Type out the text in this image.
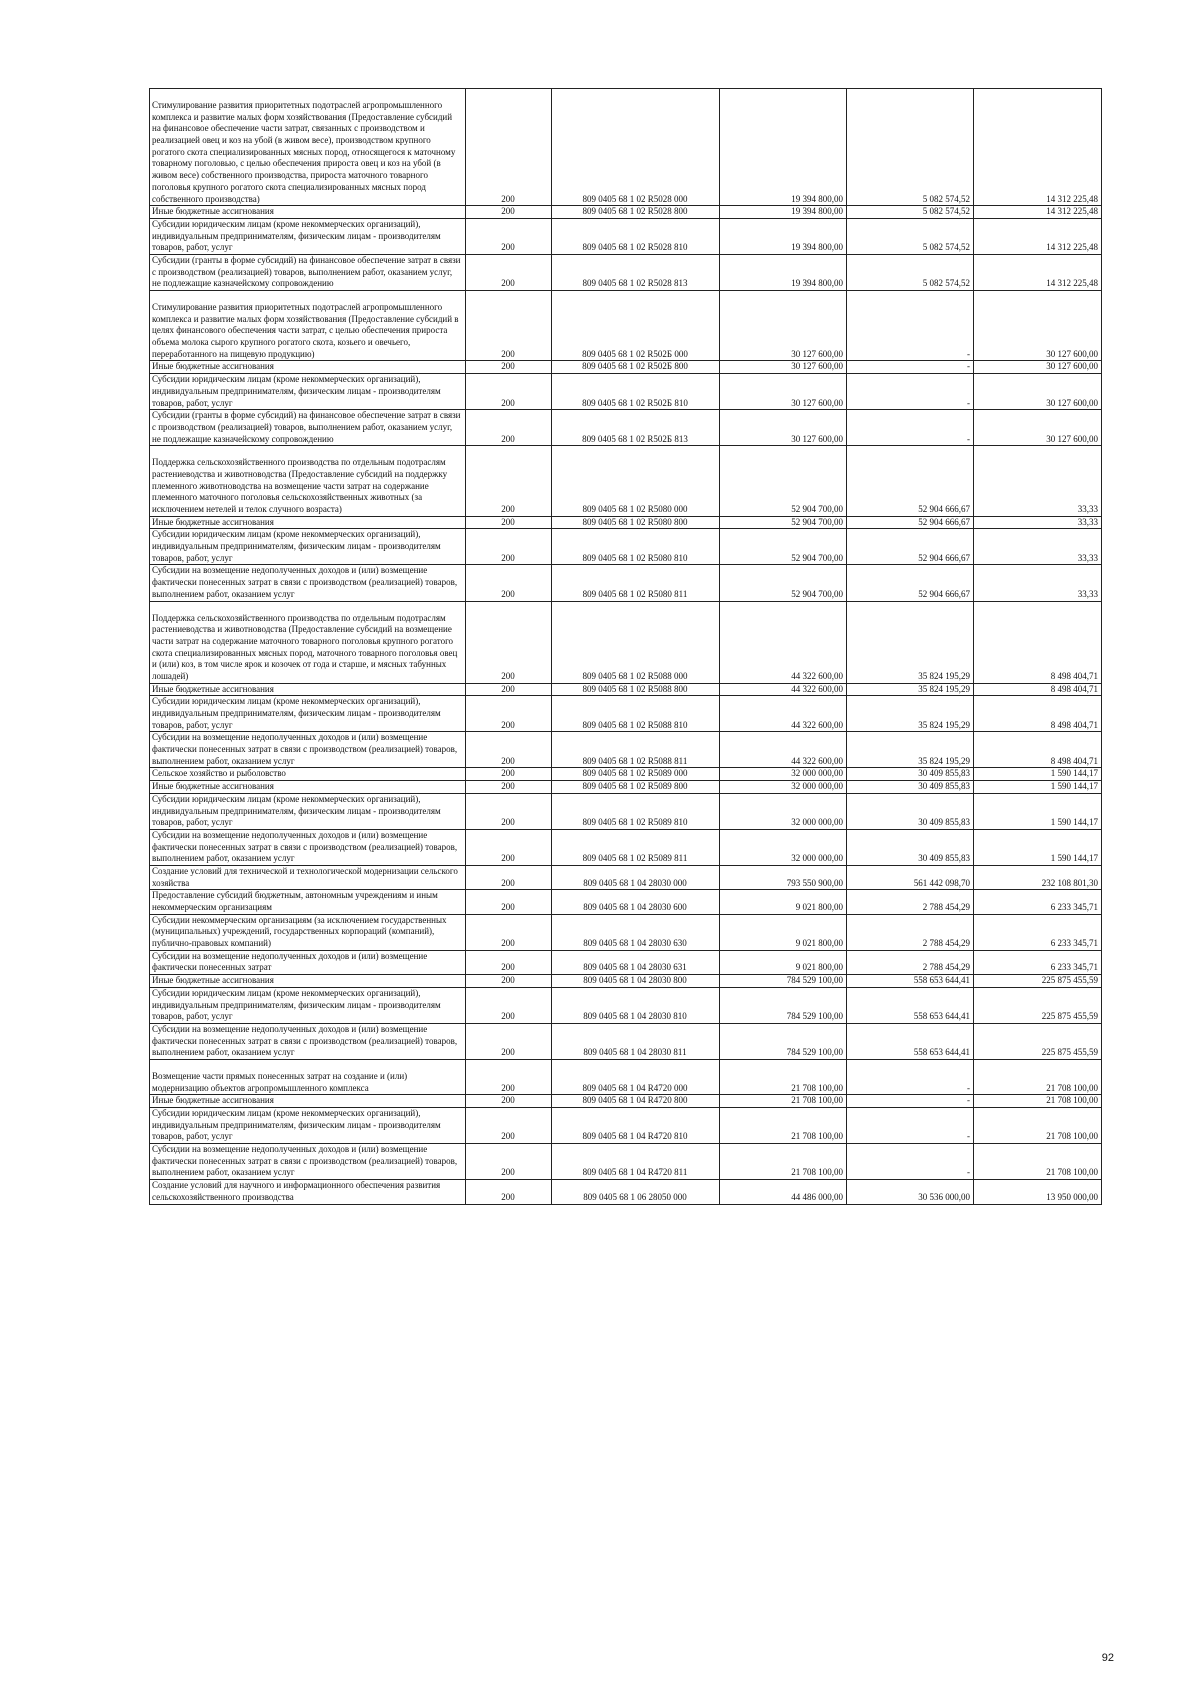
Стимулирование развития приоритетных подотраслей агропромышленного комплекса и развитие малых форм хозяйствования (Предоставление субсидий на финансовое обеспечение части затрат, связанных с производством и реализацией овец и коз на убой (в живом весе), производством крупного рогатого скота специализированных мясных пород, относящегося к маточному товарному поголовью, с целью обеспечения прироста овец и коз на убой (в живом весе) собственного производства, прироста маточного товарного поголовья крупного рогатого скота специализированных мясных пород собственного производства)	200	809 0405 68 1 02 R5028 000	19 394 800,00	5 082 574,52	14 312 225,48
Иные бюджетные ассигнования	200	809 0405 68 1 02 R5028 800	19 394 800,00	5 082 574,52	14 312 225,48
Субсидии юридическим лицам (кроме некоммерческих организаций), индивидуальным предпринимателям, физическим лицам - производителям товаров, работ, услуг	200	809 0405 68 1 02 R5028 810	19 394 800,00	5 082 574,52	14 312 225,48
Субсидии (гранты в форме субсидий) на финансовое обеспечение затрат в связи с производством (реализацией) товаров, выполнением работ, оказанием услуг, не подлежащие казначейскому сопровождению	200	809 0405 68 1 02 R5028 813	19 394 800,00	5 082 574,52	14 312 225,48
Стимулирование развития приоритетных подотраслей агропромышленного комплекса и развитие малых форм хозяйствования (Предоставление субсидий в целях финансового обеспечения части затрат, с целью обеспечения прироста объема молока сырого крупного рогатого скота, козьего и овечьего, переработанного на пищевую продукцию)	200	809 0405 68 1 02 R502Б 000	30 127 600,00	-	30 127 600,00
Иные бюджетные ассигнования	200	809 0405 68 1 02 R502Б 800	30 127 600,00	-	30 127 600,00
Субсидии юридическим лицам (кроме некоммерческих организаций), индивидуальным предпринимателям, физическим лицам - производителям товаров, работ, услуг	200	809 0405 68 1 02 R502Б 810	30 127 600,00	-	30 127 600,00
Субсидии (гранты в форме субсидий) на финансовое обеспечение затрат в связи с производством (реализацией) товаров, выполнением работ, оказанием услуг, не подлежащие казначейскому сопровождению	200	809 0405 68 1 02 R502Б 813	30 127 600,00	-	30 127 600,00
Поддержка сельскохозяйственного производства по отдельным подотраслям растениеводства и животноводства (Предоставление субсидий на поддержку племенного животноводства на возмещение части затрат на содержание племенного маточного поголовья сельскохозяйственных животных (за исключением нетелей и телок случного возраста)	200	809 0405 68 1 02 R5080 000	52 904 700,00	52 904 666,67	33,33
Иные бюджетные ассигнования	200	809 0405 68 1 02 R5080 800	52 904 700,00	52 904 666,67	33,33
Субсидии юридическим лицам (кроме некоммерческих организаций), индивидуальным предпринимателям, физическим лицам - производителям товаров, работ, услуг	200	809 0405 68 1 02 R5080 810	52 904 700,00	52 904 666,67	33,33
Субсидии на возмещение недополученных доходов и (или) возмещение фактически понесенных затрат в связи с производством (реализацией) товаров, выполнением работ, оказанием услуг	200	809 0405 68 1 02 R5080 811	52 904 700,00	52 904 666,67	33,33
Поддержка сельскохозяйственного производства по отдельным подотраслям растениеводства и животноводства (Предоставление субсидий на возмещение части затрат на содержание маточного товарного поголовья крупного рогатого скота специализированных мясных пород, маточного товарного поголовья овец и (или) коз, в том числе ярок и козочек от года и старше, и мясных табунных лошадей)	200	809 0405 68 1 02 R5088 000	44 322 600,00	35 824 195,29	8 498 404,71
Иные бюджетные ассигнования	200	809 0405 68 1 02 R5088 800	44 322 600,00	35 824 195,29	8 498 404,71
Субсидии юридическим лицам (кроме некоммерческих организаций), индивидуальным предпринимателям, физическим лицам - производителям товаров, работ, услуг	200	809 0405 68 1 02 R5088 810	44 322 600,00	35 824 195,29	8 498 404,71
Субсидии на возмещение недополученных доходов и (или) возмещение фактически понесенных затрат в связи с производством (реализацией) товаров, выполнением работ, оказанием услуг	200	809 0405 68 1 02 R5088 811	44 322 600,00	35 824 195,29	8 498 404,71
Сельское хозяйство и рыболовство	200	809 0405 68 1 02 R5089 000	32 000 000,00	30 409 855,83	1 590 144,17
Иные бюджетные ассигнования	200	809 0405 68 1 02 R5089 800	32 000 000,00	30 409 855,83	1 590 144,17
Субсидии юридическим лицам (кроме некоммерческих организаций), индивидуальным предпринимателям, физическим лицам - производителям товаров, работ, услуг	200	809 0405 68 1 02 R5089 810	32 000 000,00	30 409 855,83	1 590 144,17
Субсидии на возмещение недополученных доходов и (или) возмещение фактически понесенных затрат в связи с производством (реализацией) товаров, выполнением работ, оказанием услуг	200	809 0405 68 1 02 R5089 811	32 000 000,00	30 409 855,83	1 590 144,17
Создание условий для технической и технологической модернизации сельского хозяйства	200	809 0405 68 1 04 28030 000	793 550 900,00	561 442 098,70	232 108 801,30
Предоставление субсидий бюджетным, автономным учреждениям и иным некоммерческим организациям	200	809 0405 68 1 04 28030 600	9 021 800,00	2 788 454,29	6 233 345,71
Субсидии некоммерческим организациям (за исключением государственных (муниципальных) учреждений, государственных корпораций (компаний), публично-правовых компаний)	200	809 0405 68 1 04 28030 630	9 021 800,00	2 788 454,29	6 233 345,71
Субсидии на возмещение недополученных доходов и (или) возмещение фактически понесенных затрат	200	809 0405 68 1 04 28030 631	9 021 800,00	2 788 454,29	6 233 345,71
Иные бюджетные ассигнования	200	809 0405 68 1 04 28030 800	784 529 100,00	558 653 644,41	225 875 455,59
Субсидии юридическим лицам (кроме некоммерческих организаций), индивидуальным предпринимателям, физическим лицам - производителям товаров, работ, услуг	200	809 0405 68 1 04 28030 810	784 529 100,00	558 653 644,41	225 875 455,59
Субсидии на возмещение недополученных доходов и (или) возмещение фактически понесенных затрат в связи с производством (реализацией) товаров, выполнением работ, оказанием услуг	200	809 0405 68 1 04 28030 811	784 529 100,00	558 653 644,41	225 875 455,59
Возмещение части прямых понесенных затрат на создание и (или) модернизацию объектов агропромышленного комплекса	200	809 0405 68 1 04 R4720 000	21 708 100,00	-	21 708 100,00
Иные бюджетные ассигнования	200	809 0405 68 1 04 R4720 800	21 708 100,00	-	21 708 100,00
Субсидии юридическим лицам (кроме некоммерческих организаций), индивидуальным предпринимателям, физическим лицам - производителям товаров, работ, услуг	200	809 0405 68 1 04 R4720 810	21 708 100,00	-	21 708 100,00
Субсидии на возмещение недополученных доходов и (или) возмещение фактически понесенных затрат в связи с производством (реализацией) товаров, выполнением работ, оказанием услуг	200	809 0405 68 1 04 R4720 811	21 708 100,00	-	21 708 100,00
Создание условий для научного и информационного обеспечения развития сельскохозяйственного производства	200	809 0405 68 1 06 28050 000	44 486 000,00	30 536 000,00	13 950 000,00
92
